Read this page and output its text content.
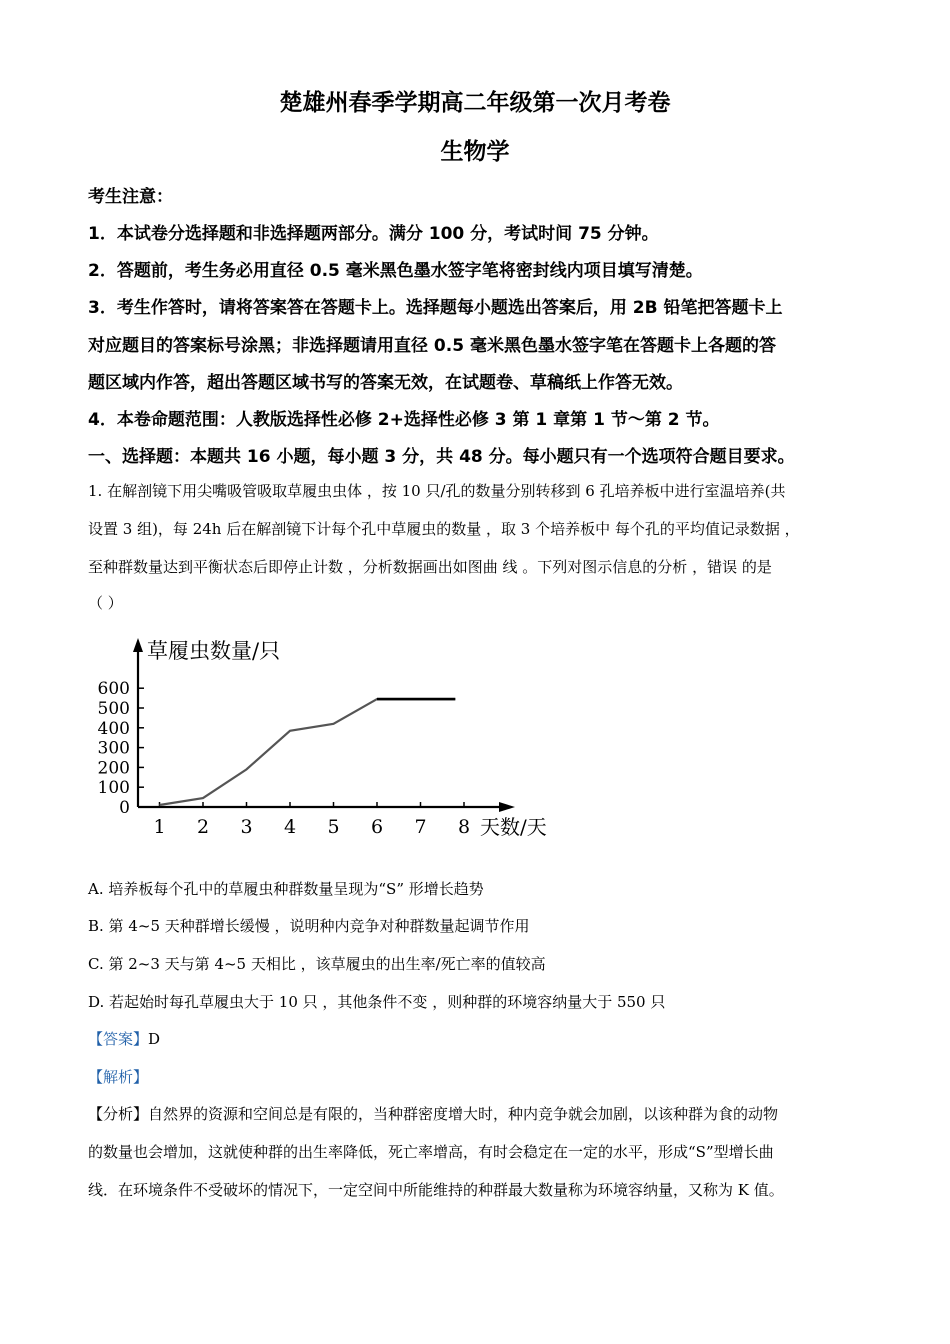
楚雄州春季学期高二年级第一次月考卷
生物学
考生注意：
1．本试卷分选择题和非选择题两部分。满分 100 分，考试时间 75 分钟。
2．答题前，考生务必用直径 0.5 毫米黑色墨水签字笔将密封线内项目填写清楚。
3．考生作答时，请将答案答在答题卡上。选择题每小题选出答案后，用 2B 铅笔把答题卡上
对应题目的答案标号涂黑；非选择题请用直径 0.5 毫米黑色墨水签字笔在答题卡上各题的答
题区域内作答，超出答题区域书写的答案无效，在试题卷、草稿纸上作答无效。
4．本卷命题范围：人教版选择性必修 2+选择性必修 3 第 1 章第 1 节～第 2 节。
一、选择题：本题共 16 小题，每小题 3 分，共 48 分。每小题只有一个选项符合题目要求。
1. 在解剖镜下用尖嘴吸管吸取草履虫虫体 ，按 10 只/孔的数量分别转移到 6 孔培养板中进行室温培养(共
设置 3 组)，每 24h 后在解剖镜下计每个孔中草履虫的数量 ，取 3 个培养板中 每个孔的平均值记录数据 ，
至种群数量达到平衡状态后即停止计数 ，分析数据画出如图曲 线 。下列对图示信息的分析 ，错误 的是
（ ）
0
100
200
300
400
500
600
1 2 3 4 5 6 7 8
草履虫数量/只
天数/天
A. 培养板每个孔中的草履虫种群数量呈现为“S” 形增长趋势
B. 第 4~5 天种群增长缓慢 ，说明种内竞争对种群数量起调节作用
C. 第 2~3 天与第 4~5 天相比 ，该草履虫的出生率/死亡率的值较高
D. 若起始时每孔草履虫大于 10 只 ，其他条件不变 ，则种群的环境容纳量大于 550 只
【答案】D
【解析】
【分析】自然界的资源和空间总是有限的，当种群密度增大时，种内竞争就会加剧，以该种群为食的动物
的数量也会增加，这就使种群的出生率降低，死亡率增高，有时会稳定在一定的水平，形成“S”型增长曲
线．在环境条件不受破坏的情况下，一定空间中所能维持的种群最大数量称为环境容纳量，又称为 K 值。
